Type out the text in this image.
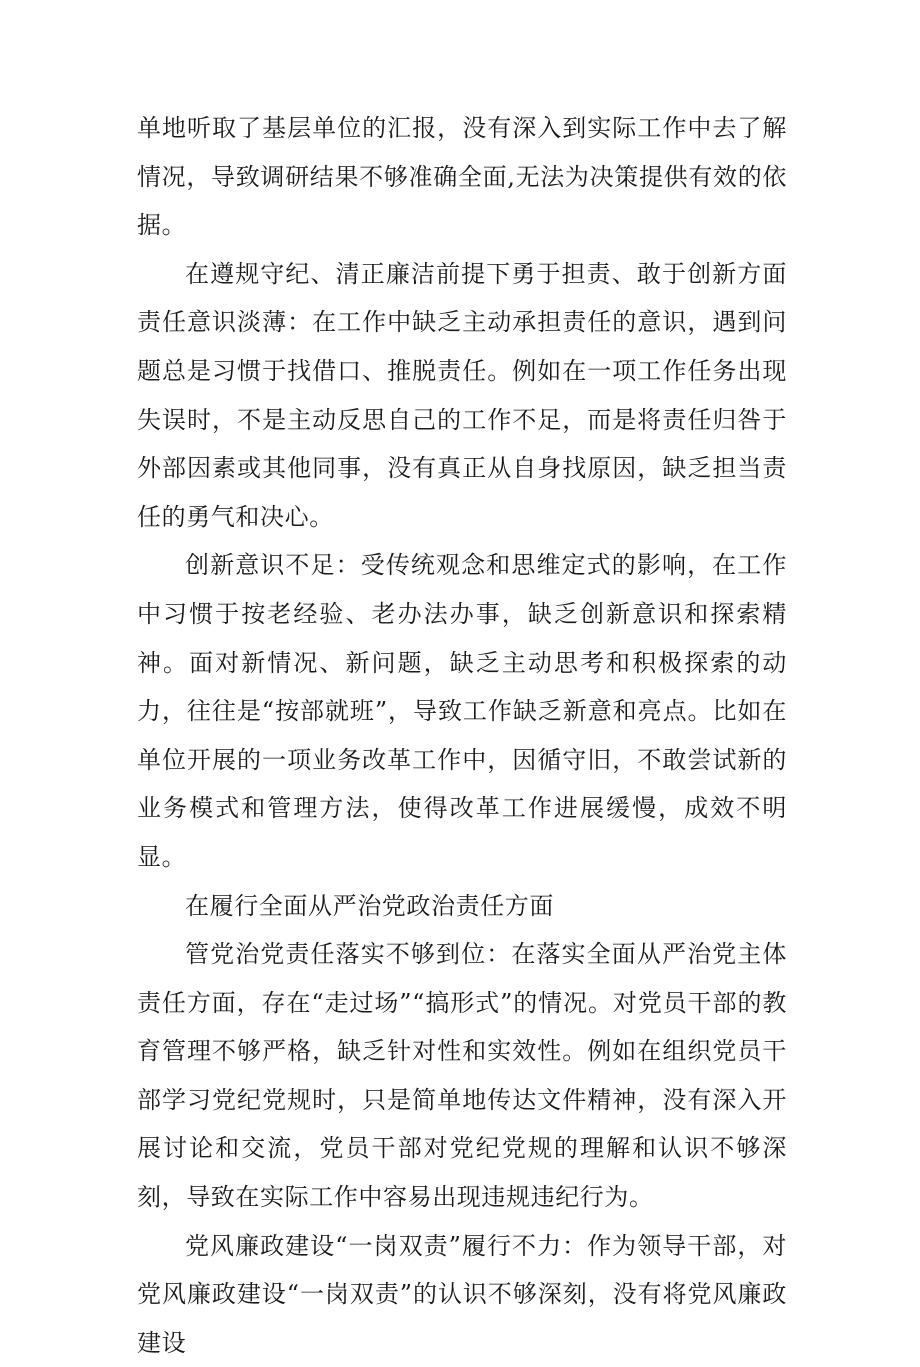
单地听取了基层单位的汇报，没有深入到实际工作中去了解情况，导致调研结果不够准确全面,无法为决策提供有效的依据。

在遵规守纪、清正廉洁前提下勇于担责、敢于创新方面责任意识淡薄：在工作中缺乏主动承担责任的意识，遇到问题总是习惯于找借口、推脱责任。例如在一项工作任务出现失误时，不是主动反思自己的工作不足，而是将责任归咎于外部因素或其他同事，没有真正从自身找原因，缺乏担当责任的勇气和决心。

创新意识不足：受传统观念和思维定式的影响，在工作中习惯于按老经验、老办法办事，缺乏创新意识和探索精神。面对新情况、新问题，缺乏主动思考和积极探索的动力，往往是“按部就班”，导致工作缺乏新意和亮点。比如在单位开展的一项业务改革工作中，因循守旧，不敢尝试新的业务模式和管理方法，使得改革工作进展缓慢，成效不明显。

在履行全面从严治党政治责任方面

管党治党责任落实不够到位：在落实全面从严治党主体责任方面，存在“走过场”“搞形式”的情况。对党员干部的教育管理不够严格，缺乏针对性和实效性。例如在组织党员干部学习党纪党规时，只是简单地传达文件精神，没有深入开展讨论和交流，党员干部对党纪党规的理解和认识不够深刻，导致在实际工作中容易出现违规违纪行为。

党风廉政建设“一岗双责”履行不力：作为领导干部，对党风廉政建设“一岗双责”的认识不够深刻，没有将党风廉政建设
